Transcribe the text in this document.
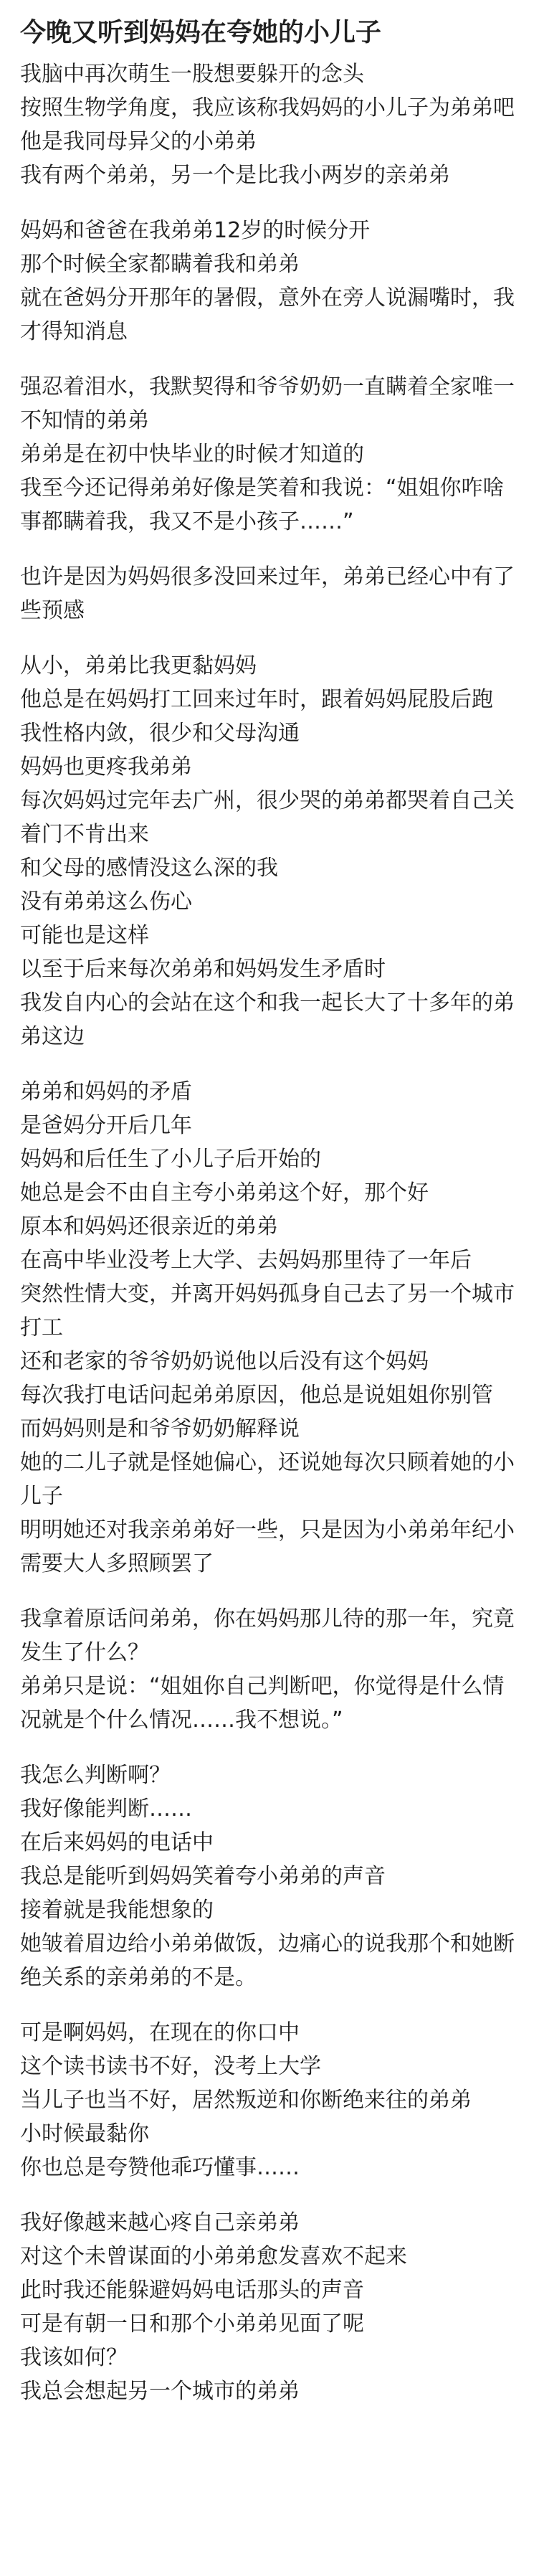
今晚又听到妈妈在夸她的小儿子
我脑中再次萌生一股想要躲开的念头
按照生物学角度，我应该称我妈妈的小儿子为弟弟吧
他是我同母异父的小弟弟
我有两个弟弟，另一个是比我小两岁的亲弟弟
妈妈和爸爸在我弟弟12岁的时候分开
那个时候全家都瞒着我和弟弟
就在爸妈分开那年的暑假，意外在旁人说漏嘴时，我
才得知消息
强忍着泪水，我默契得和爷爷奶奶一直瞒着全家唯一
不知情的弟弟
弟弟是在初中快毕业的时候才知道的
我至今还记得弟弟好像是笑着和我说：“姐姐你咋啥
事都瞒着我，我又不是小孩子……”
也许是因为妈妈很多没回来过年，弟弟已经心中有了
些预感
从小，弟弟比我更黏妈妈
他总是在妈妈打工回来过年时，跟着妈妈屁股后跑
我性格内敛，很少和父母沟通
妈妈也更疼我弟弟
每次妈妈过完年去广州，很少哭的弟弟都哭着自己关
着门不肯出来
和父母的感情没这么深的我
没有弟弟这么伤心
可能也是这样
以至于后来每次弟弟和妈妈发生矛盾时
我发自内心的会站在这个和我一起长大了十多年的弟
弟这边
弟弟和妈妈的矛盾
是爸妈分开后几年
妈妈和后任生了小儿子后开始的
她总是会不由自主夸小弟弟这个好，那个好
原本和妈妈还很亲近的弟弟
在高中毕业没考上大学、去妈妈那里待了一年后
突然性情大变，并离开妈妈孤身自己去了另一个城市
打工
还和老家的爷爷奶奶说他以后没有这个妈妈
每次我打电话问起弟弟原因，他总是说姐姐你别管
而妈妈则是和爷爷奶奶解释说
她的二儿子就是怪她偏心，还说她每次只顾着她的小
儿子
明明她还对我亲弟弟好一些，只是因为小弟弟年纪小
需要大人多照顾罢了
我拿着原话问弟弟，你在妈妈那儿待的那一年，究竟
发生了什么？
弟弟只是说：“姐姐你自己判断吧，你觉得是什么情
况就是个什么情况……我不想说。”
我怎么判断啊？
我好像能判断……
在后来妈妈的电话中
我总是能听到妈妈笑着夸小弟弟的声音
接着就是我能想象的
她皱着眉边给小弟弟做饭，边痛心的说我那个和她断
绝关系的亲弟弟的不是。
可是啊妈妈，在现在的你口中
这个读书读书不好，没考上大学
当儿子也当不好，居然叛逆和你断绝来往的弟弟
小时候最黏你
你也总是夸赞他乖巧懂事……
我好像越来越心疼自己亲弟弟
对这个未曾谋面的小弟弟愈发喜欢不起来
此时我还能躲避妈妈电话那头的声音
可是有朝一日和那个小弟弟见面了呢
我该如何？
我总会想起另一个城市的弟弟
